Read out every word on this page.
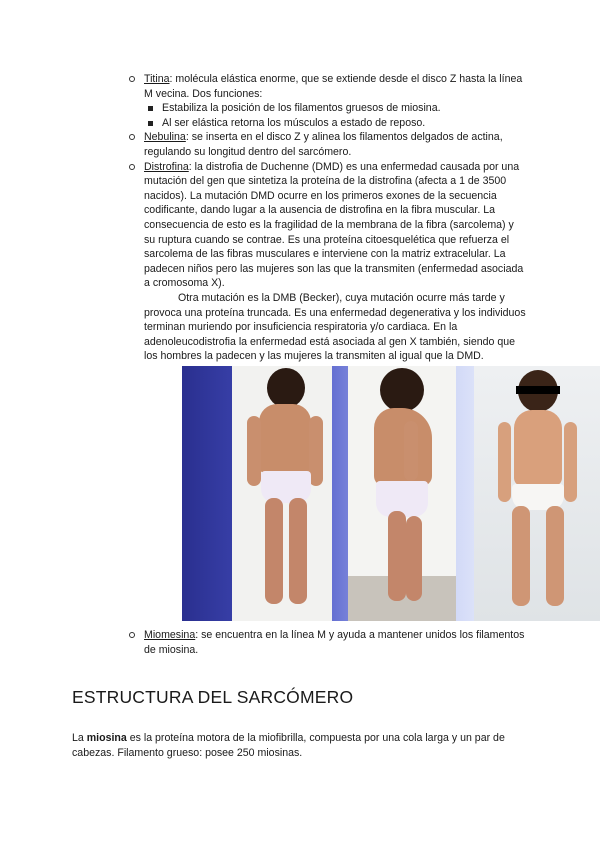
Titina: molécula elástica enorme, que se extiende desde el disco Z hasta la línea M vecina. Dos funciones:
Estabiliza la posición de los filamentos gruesos de miosina.
Al ser elástica retorna los músculos a estado de reposo.
Nebulina: se inserta en el disco Z y alinea los filamentos delgados de actina, regulando su longitud dentro del sarcómero.
Distrofina: la distrofia de Duchenne (DMD) es una enfermedad causada por una mutación del gen que sintetiza la proteína de la distrofina (afecta a 1 de 3500 nacidos). La mutación DMD ocurre en los primeros exones de la secuencia codificante, dando lugar a la ausencia de distrofina en la fibra muscular. La consecuencia de esto es la fragilidad de la membrana de la fibra (sarcolema) y su ruptura cuando se contrae. Es una proteína citoesquelética que refuerza el sarcolema de las fibras musculares e interviene con la matriz extracelular. La padecen niños pero las mujeres son las que la transmiten (enfermedad asociada a cromosoma X).
Otra mutación es la DMB (Becker), cuya mutación ocurre más tarde y provoca una proteína truncada. Es una enfermedad degenerativa y los individuos terminan muriendo por insuficiencia respiratoria y/o cardiaca. En la adenoleucodistrofia la enfermedad está asociada al gen X también, siendo que los hombres la padecen y las mujeres la transmiten al igual que la DMD.
Miomesina: se encuentra en la línea M y ayuda a mantener unidos los filamentos de miosina.
ESTRUCTURA DEL SARCÓMERO

La miosina es la proteína motora de la miofibrilla, compuesta por una cola larga y un par de cabezas. Filamento grueso: posee 250 miosinas.
